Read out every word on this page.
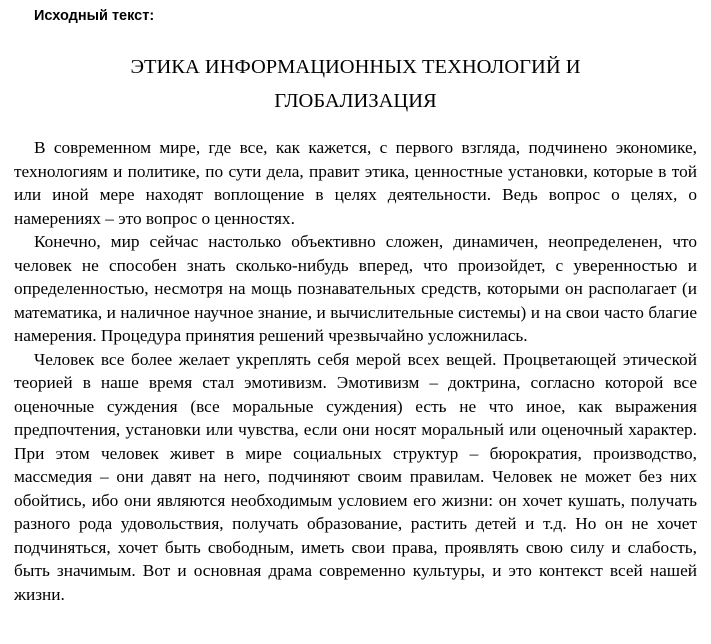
Исходный текст:
ЭТИКА ИНФОРМАЦИОННЫХ ТЕХНОЛОГИЙ И
ГЛОБАЛИЗАЦИЯ

В современном мире, где все, как кажется, с первого взгляда, подчинено экономике, технологиям и политике, по сути дела, правит этика, ценностные установки, которые в той или иной мере находят воплощение в целях деятельности. Ведь вопрос о целях, о намерениях – это вопрос о ценностях.

Конечно, мир сейчас настолько объективно сложен, динамичен, неопределенен, что человек не способен знать сколько-нибудь вперед, что произойдет, с уверенностью и определенностью, несмотря на мощь познавательных средств, которыми он располагает (и математика, и наличное научное знание, и вычислительные системы) и на свои часто благие намерения. Процедура принятия решений чрезвычайно усложнилась.

Человек все более желает укреплять себя мерой всех вещей. Процветающей этической теорией в наше время стал эмотивизм. Эмотивизм – доктрина, согласно которой все оценочные суждения (все моральные суждения) есть не что иное, как выражения предпочтения, установки или чувства, если они носят моральный или оценочный характер. При этом человек живет в мире социальных структур – бюрократия, производство, массмедия – они давят на него, подчиняют своим правилам. Человек не может без них обойтись, ибо они являются необходимым условием его жизни: он хочет кушать, получать разного рода удовольствия, получать образование, растить детей и т.д. Но он не хочет подчиняться, хочет быть свободным, иметь свои права, проявлять свою силу и слабость, быть значимым. Вот и основная драма современно культуры, и это контекст всей нашей жизни.
